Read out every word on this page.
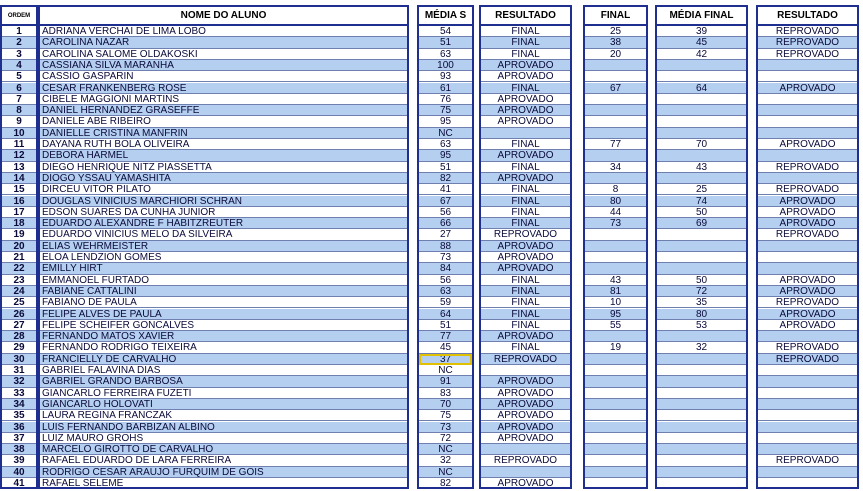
ORDEM
1
2
3
4
5
6
7
8
9
10
11
12
13
14
15
16
17
18
19
20
21
22
23
24
25
26
27
28
29
30
31
32
33
34
35
36
37
38
39
40
41
NOME DO ALUNO
ADRIANA VERCHAI DE LIMA LOBO
CAROLINA NAZAR
CAROLINA SALOME OLDAKOSKI
CASSIANA SILVA MARANHA
CASSIO GASPARIN
CESAR FRANKENBERG ROSE
CIBELE MAGGIONI MARTINS
DANIEL HERNANDEZ GRASEFFE
DANIELE ABE RIBEIRO
DANIELLE CRISTINA MANFRIN
DAYANA RUTH BOLA OLIVEIRA
DEBORA HARMEL
DIEGO HENRIQUE NITZ PIASSETTA
DIOGO YSSAU YAMASHITA
DIRCEU VITOR PILATO
DOUGLAS VINICIUS MARCHIORI SCHRAN
EDSON SUARES DA CUNHA JUNIOR
EDUARDO ALEXANDRE F HABITZREUTER
EDUARDO VINICIUS MELO DA SILVEIRA
ELIAS WEHRMEISTER
ELOA LENDZION GOMES
EMILLY HIRT
EMMANOEL FURTADO
FABIANE CATTALINI
FABIANO DE PAULA
FELIPE ALVES DE PAULA
FELIPE SCHEIFER GONCALVES
FERNANDO MATOS XAVIER
FERNANDO RODRIGO TEIXEIRA
FRANCIELLY DE CARVALHO
GABRIEL FALAVINA DIAS
GABRIEL GRANDO BARBOSA
GIANCARLO FERREIRA FUZETI
GIANCARLO HOLOVATI
LAURA REGINA FRANCZAK
LUIS FERNANDO BARBIZAN ALBINO
LUIZ MAURO GROHS
MARCELO GIROTTO DE CARVALHO
RAFAEL EDUARDO DE LARA FERREIRA
RODRIGO CESAR ARAUJO FURQUIM DE GOIS
RAFAEL SELEME
MÉDIA S
54
51
63
100
93
61
76
75
95
NC
63
95
51
82
41
67
56
66
27
88
73
84
56
63
59
64
51
77
45
37
NC
91
83
70
75
73
72
NC
32
NC
82
RESULTADO
FINAL
FINAL
FINAL
APROVADO
APROVADO
FINAL
APROVADO
APROVADO
APROVADO
FINAL
APROVADO
FINAL
APROVADO
FINAL
FINAL
FINAL
FINAL
REPROVADO
APROVADO
APROVADO
APROVADO
FINAL
FINAL
FINAL
FINAL
FINAL
APROVADO
FINAL
REPROVADO
APROVADO
APROVADO
APROVADO
APROVADO
APROVADO
APROVADO
REPROVADO
APROVADO
FINAL
25
38
20
67
77
34
8
80
44
73
43
81
10
95
55
19
MÉDIA FINAL
39
45
42
64
70
43
25
74
50
69
50
72
35
80
53
32
RESULTADO
REPROVADO
REPROVADO
REPROVADO
APROVADO
APROVADO
REPROVADO
REPROVADO
APROVADO
APROVADO
APROVADO
REPROVADO
APROVADO
APROVADO
REPROVADO
APROVADO
APROVADO
REPROVADO
REPROVADO
REPROVADO
